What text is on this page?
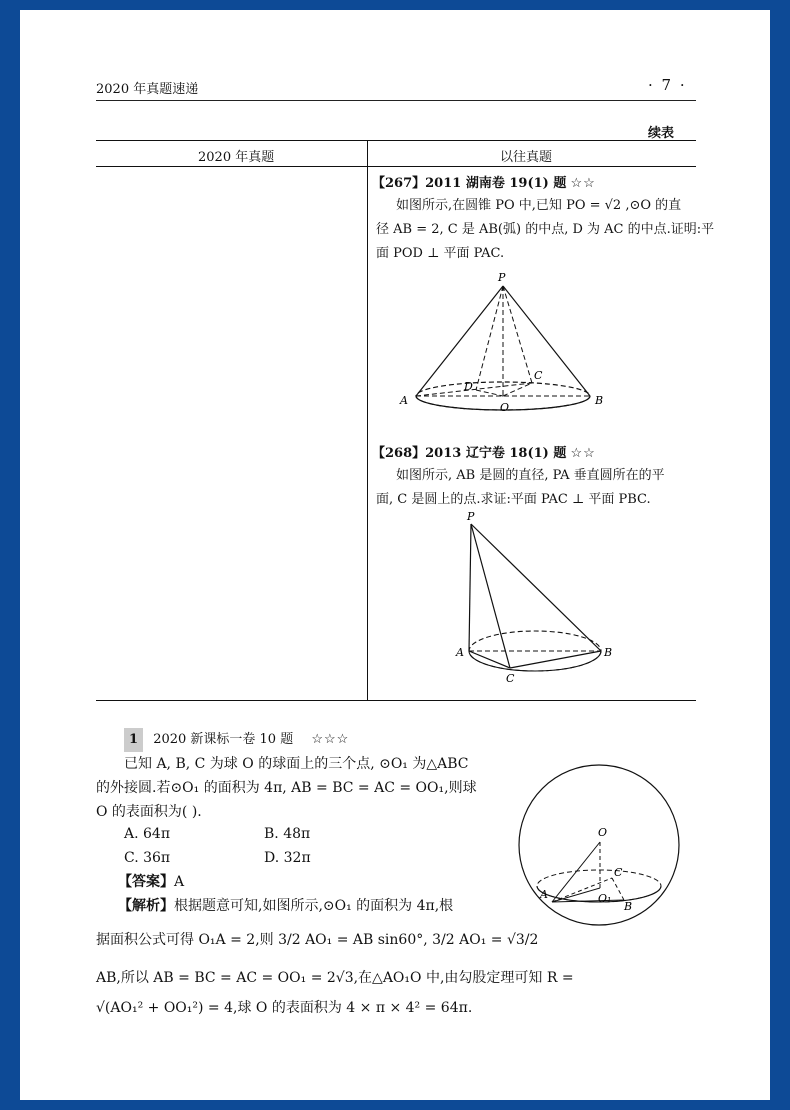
2020 年真题速递	· 7 ·
续表
2020 年真题	以往真题
【267】2011 湖南卷 19(1) 题 ☆☆
如图所示,在圆锥 PO 中,已知 PO = √2 ,⊙O 的直
径 AB = 2, C 是 AB(弧) 的中点, D 为 AC 的中点.证明:平
面 POD ⊥ 平面 PAC.
P
A	B
C
D
O
【268】2013 辽宁卷 18(1) 题 ☆☆
如图所示, AB 是圆的直径, PA 垂直圆所在的平
面, C 是圆上的点.求证:平面 PAC ⊥ 平面 PBC.
P
A	B
C
1 2020 新课标一卷 10 题 ☆☆☆
已知 A, B, C 为球 O 的球面上的三个点, ⊙O₁ 为△ABC
的外接圆.若⊙O₁ 的面积为 4π, AB = BC = AC = OO₁,则球
O 的表面积为( ).
A. 64π	B. 48π
C. 36π	D. 32π
【答案】A
【解析】根据题意可知,如图所示,⊙O₁ 的面积为 4π,根
据面积公式可得 O₁A = 2,则 3/2 AO₁ = AB sin60°, 3/2 AO₁ = √3/2
AB,所以 AB = BC = AC = OO₁ = 2√3,在△AO₁O 中,由勾股定理可知 R =
√(AO₁² + OO₁²) = 4,球 O 的表面积为 4 × π × 4² = 64π.
O
C
A	O₁
B
